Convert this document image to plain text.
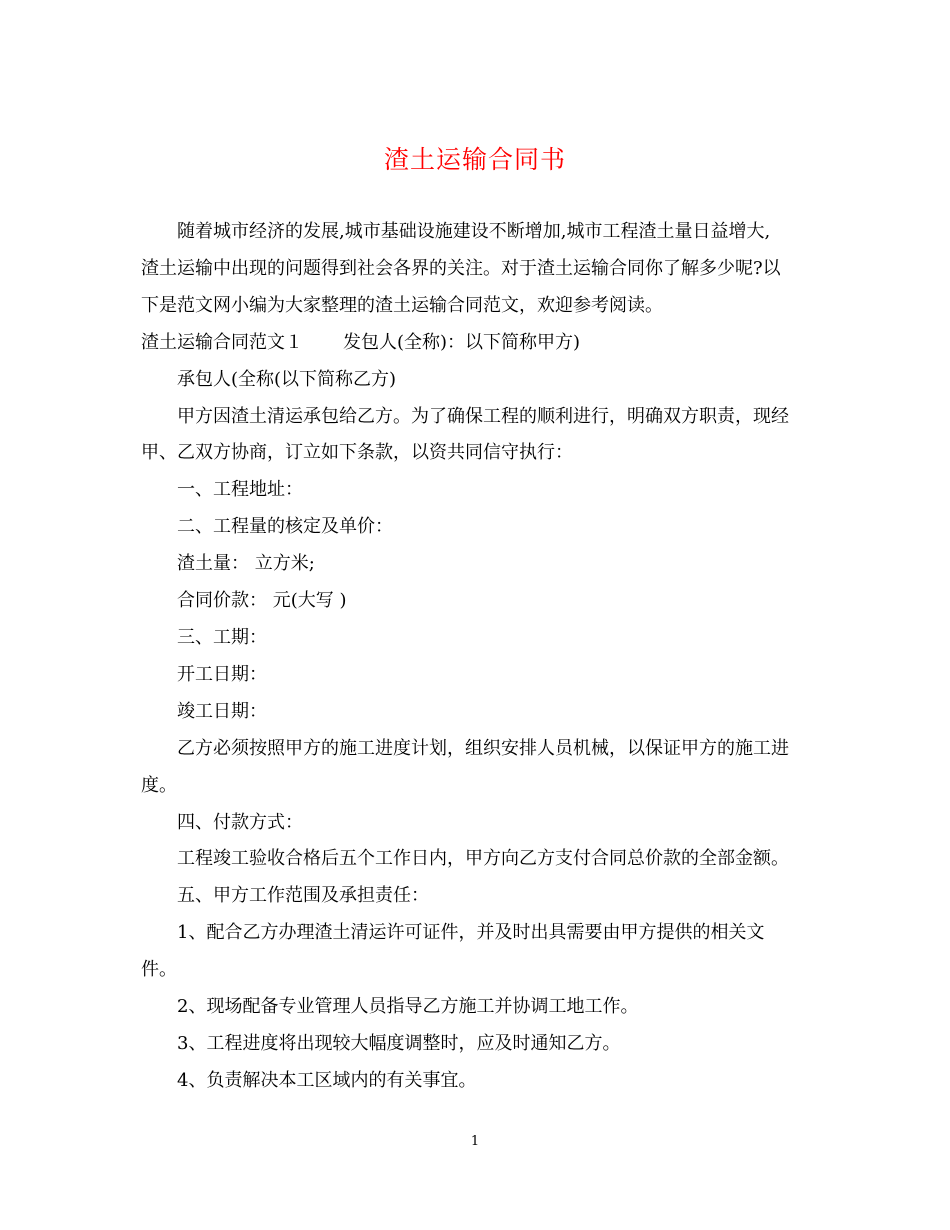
渣土运输合同书

随着城市经济的发展,城市基础设施建设不断增加,城市工程渣土量日益增大,

渣土运输中出现的问题得到社会各界的关注。对于渣土运输合同你了解多少呢?以

下是范文网小编为大家整理的渣土运输合同范文，欢迎参考阅读。

渣土运输合同范文１ 发包人(全称)：以下简称甲方)

承包人(全称(以下简称乙方)

甲方因渣土清运承包给乙方。为了确保工程的顺利进行，明确双方职责，现经

甲、乙双方协商，订立如下条款，以资共同信守执行：

一、工程地址：

二、工程量的核定及单价：

渣土量： 立方米;

合同价款： 元(大写 )

三、工期：

开工日期：

竣工日期：

乙方必须按照甲方的施工进度计划，组织安排人员机械，以保证甲方的施工进

度。

四、付款方式：

工程竣工验收合格后五个工作日内，甲方向乙方支付合同总价款的全部金额。

五、甲方工作范围及承担责任：

1、配合乙方办理渣土清运许可证件，并及时出具需要由甲方提供的相关文

件。

2、现场配备专业管理人员指导乙方施工并协调工地工作。

3、工程进度将出现较大幅度调整时，应及时通知乙方。

4、负责解决本工区域内的有关事宜。

1
